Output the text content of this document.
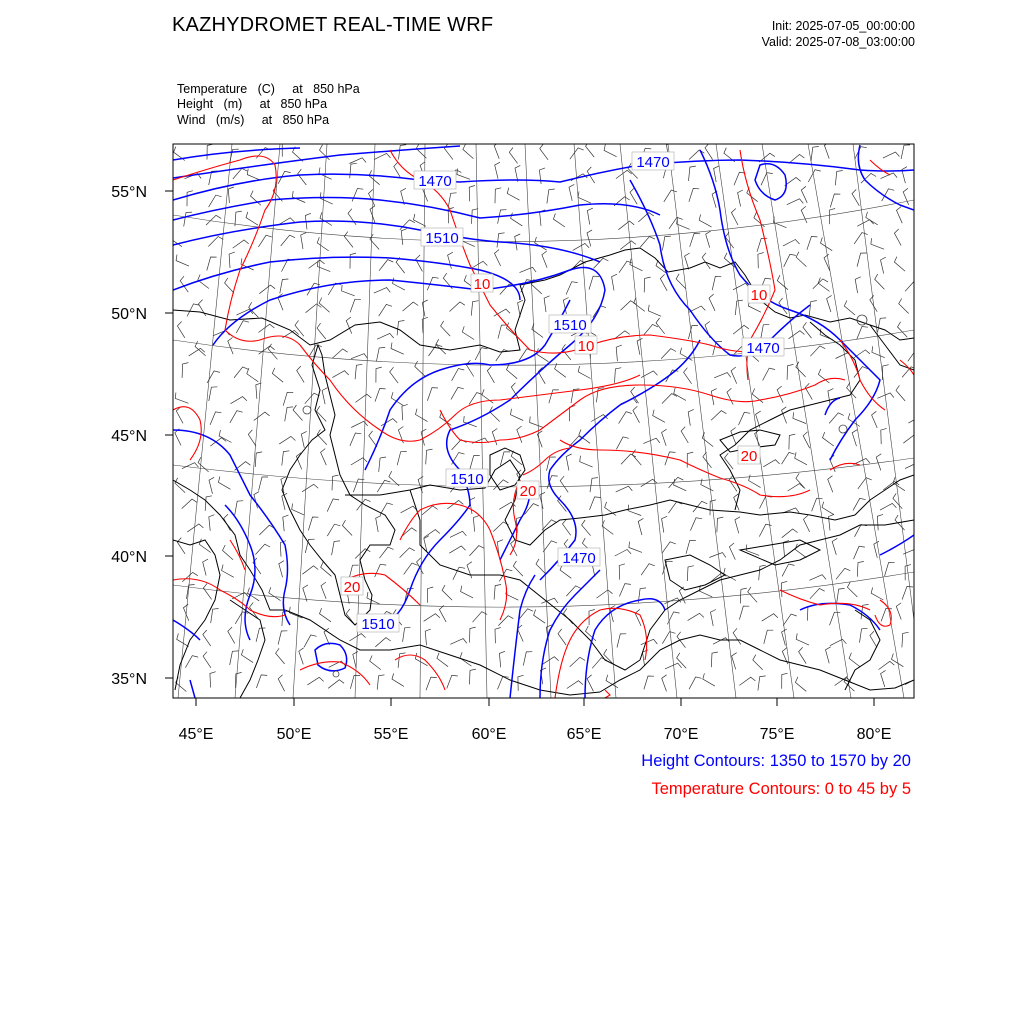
KAZHYDROMET REAL-TIME WRF	Init: 2025-07-05_00:00:00
Valid: 2025-07-08_03:00:00
Temperature   (C)     at   850 hPa
Height   (m)     at   850 hPa
Wind   (m/s)     at   850 hPa
1470
1470
1510
1510
1470
1510
1470
1510
10
10
10
20
20
20
55°N
50°N
45°N
40°N
35°N
45°E	50°E	55°E	60°E	65°E	70°E	75°E	80°E
Height Contours: 1350 to 1570 by 20
Temperature Contours: 0 to 45 by 5
